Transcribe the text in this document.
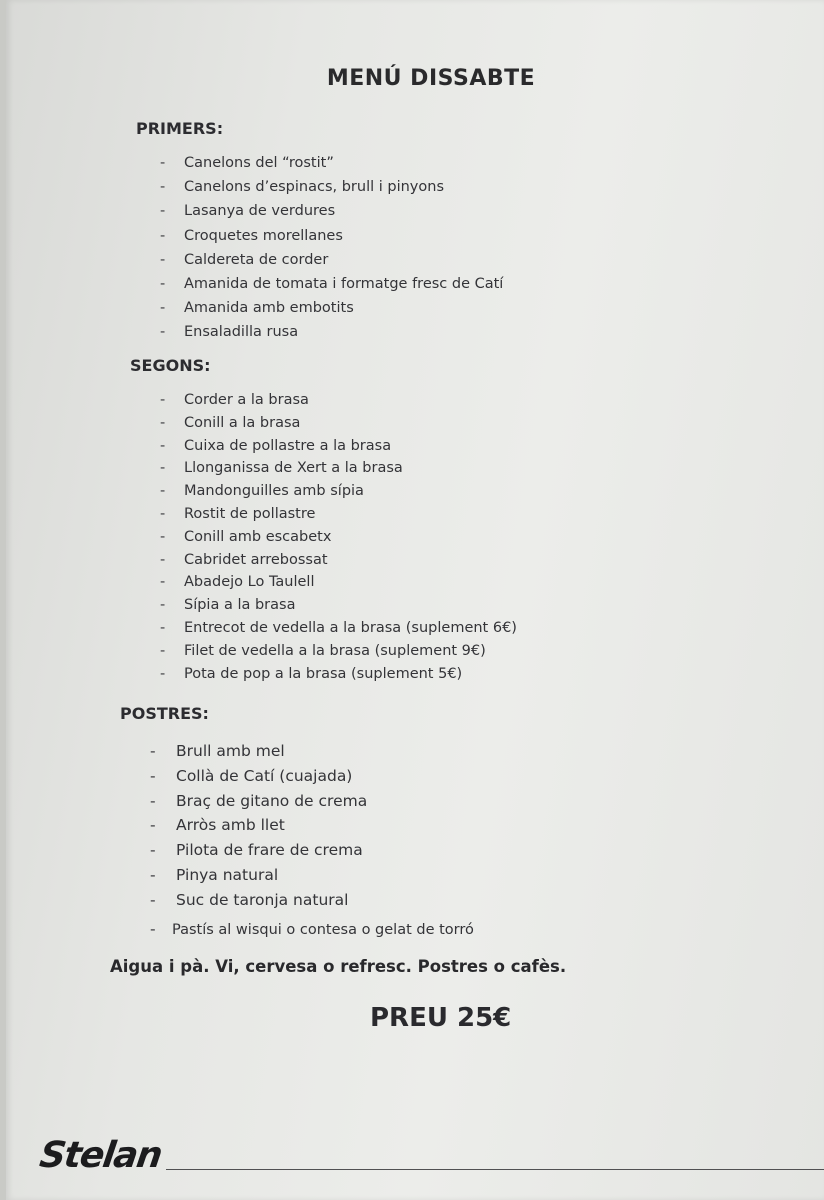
MENÚ DISSABTE
PRIMERS:
- Canelons del “rostit”
- Canelons d’espinacs, brull i pinyons
- Lasanya de verdures
- Croquetes morellanes
- Caldereta de corder
- Amanida de tomata i formatge fresc de Catí
- Amanida amb embotits
- Ensaladilla rusa
SEGONS:
- Corder a la brasa
- Conill a la brasa
- Cuixa de pollastre a la brasa
- Llonganissa de Xert a la brasa
- Mandonguilles amb sípia
- Rostit de pollastre
- Conill amb escabetx
- Cabridet arrebossat
- Abadejo Lo Taulell
- Sípia a la brasa
- Entrecot de vedella a la brasa (suplement 6€)
- Filet de vedella a la brasa (suplement 9€)
- Pota de pop a la brasa (suplement 5€)
POSTRES:
- Brull amb mel
- Collà de Catí (cuajada)
- Braç de gitano de crema
- Arròs amb llet
- Pilota de frare de crema
- Pinya natural
- Suc de taronja natural
- Pastís al wisqui o contesa o gelat de torró
Aigua i pà. Vi, cervesa o refresc. Postres o cafès.
PREU 25€
Stelan
